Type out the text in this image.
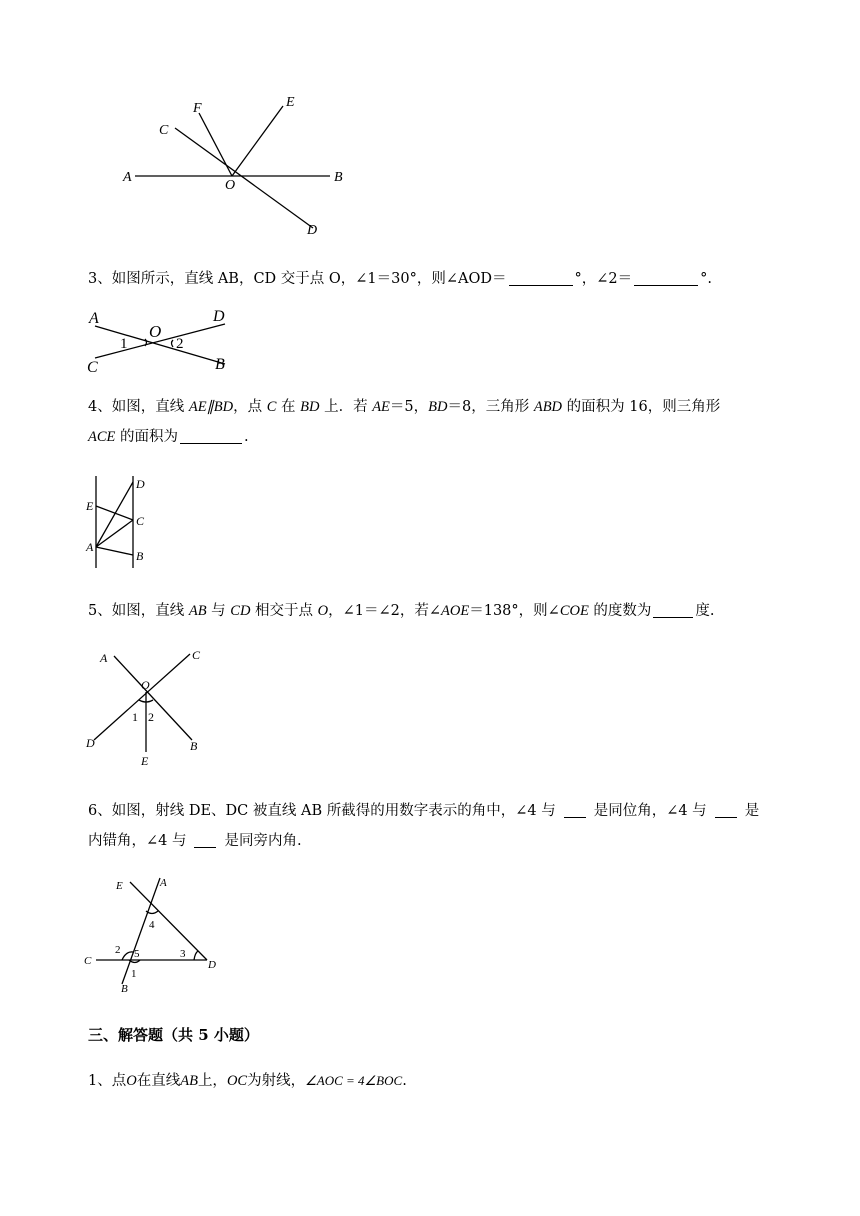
A	B
C
D
E
F
O

3、如图所示，直线 AB，CD 交于点 O，∠1＝30°，则∠AOD＝	°，∠2＝	°.

A
B
C
D
O
1	2

4、如图，直线 AE∥BD，点 C 在 BD 上．若 AE＝5，BD＝8，三角形 ABD 的面积为 16，则三角形
ACE 的面积为	.

E
D
C
A
B

5、如图，直线 AB 与 CD 相交于点 O，∠1＝∠2，若∠AOE＝138°，则∠COE 的度数为	度.

A	C
O
D	B
E
1 2

6、如图，射线 DE、DC 被直线 AB 所截得的用数字表示的角中，∠4 与	是同位角，∠4 与	是
内错角，∠4 与	是同旁内角.

E	A
C	D
B
4
2 5	3
1

三、解答题（共 5 小题）

1、点O在直线AB上，OC为射线，∠AOC = 4∠BOC.
